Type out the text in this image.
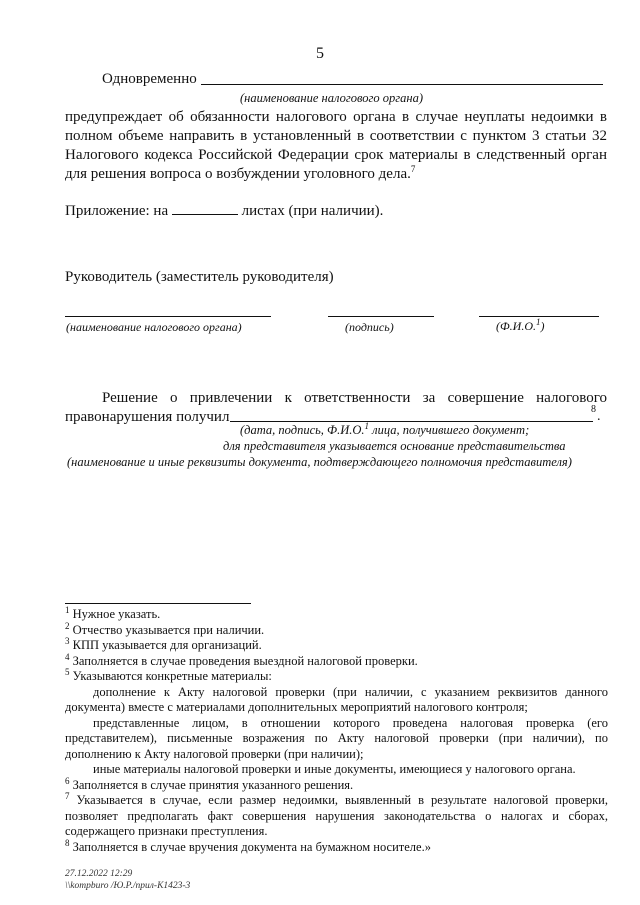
5
Одновременно
(наименование налогового органа)
предупреждает об обязанности налогового органа в случае неуплаты недоимки в полном объеме направить в установленный в соответствии с пунктом 3 статьи 32 Налогового кодекса Российской Федерации срок материалы в следственный орган для решения вопроса о возбуждении уголовного дела.$^7$
Приложение: на	листах (при наличии).
Руководитель (заместитель руководителя)
(наименование налогового органа)	(подпись)	(Ф.И.О.$^1$)
Решение о привлечении к ответственности за совершение налогового
правонарушения получил	8 .
(дата, подпись, Ф.И.О.$^1$ лица, получившего документ;
для представителя указывается основание представительства
(наименование и иные реквизиты документа, подтверждающего полномочия представителя)
$^1$ Нужное указать.
$^2$ Отчество указывается при наличии.
$^3$ КПП указывается для организаций.
$^4$ Заполняется в случае проведения выездной налоговой проверки.
$^5$ Указываются конкретные материалы:
дополнение к Акту налоговой проверки (при наличии, с указанием реквизитов данного документа) вместе с материалами дополнительных мероприятий налогового контроля;
представленные лицом, в отношении которого проведена налоговая проверка (его представителем), письменные возражения по Акту налоговой проверки (при наличии), по дополнению к Акту налоговой проверки (при наличии);
иные материалы налоговой проверки и иные документы, имеющиеся у налогового органа.
$^6$ Заполняется в случае принятия указанного решения.
$^7$ Указывается в случае, если размер недоимки, выявленный в результате налоговой проверки, позволяет предполагать факт совершения нарушения законодательства о налогах и сборах, содержащего признаки преступления.
$^8$ Заполняется в случае вручения документа на бумажном носителе.»
27.12.2022 12:29
\\kompburo /Ю.Р./прил-К1423-3
